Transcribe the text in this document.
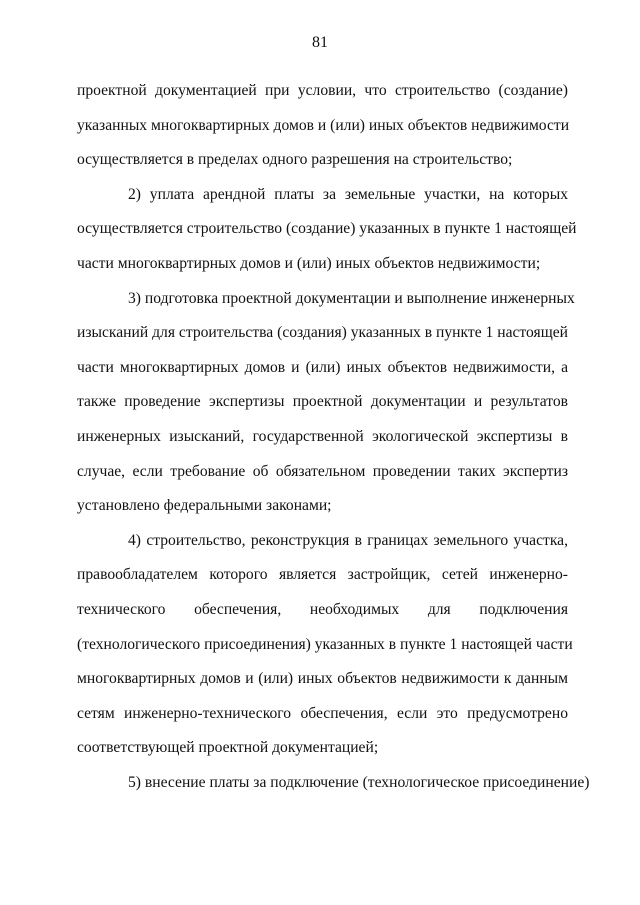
81
проектной документацией при условии, что строительство (создание)
указанных многоквартирных домов и (или) иных объектов недвижимости
осуществляется в пределах одного разрешения на строительство;
2) уплата арендной платы за земельные участки, на которых
осуществляется строительство (создание) указанных в пункте 1 настоящей
части многоквартирных домов и (или) иных объектов недвижимости;
3) подготовка проектной документации и выполнение инженерных
изысканий для строительства (создания) указанных в пункте 1 настоящей
части многоквартирных домов и (или) иных объектов недвижимости, а
также проведение экспертизы проектной документации и результатов
инженерных изысканий, государственной экологической экспертизы в
случае, если требование об обязательном проведении таких экспертиз
установлено федеральными законами;
4) строительство, реконструкция в границах земельного участка,
правообладателем которого является застройщик, сетей инженерно-
технического обеспечения, необходимых для подключения
(технологического присоединения) указанных в пункте 1 настоящей части
многоквартирных домов и (или) иных объектов недвижимости к данным
сетям инженерно-технического обеспечения, если это предусмотрено
соответствующей проектной документацией;
5) внесение платы за подключение (технологическое присоединение)
